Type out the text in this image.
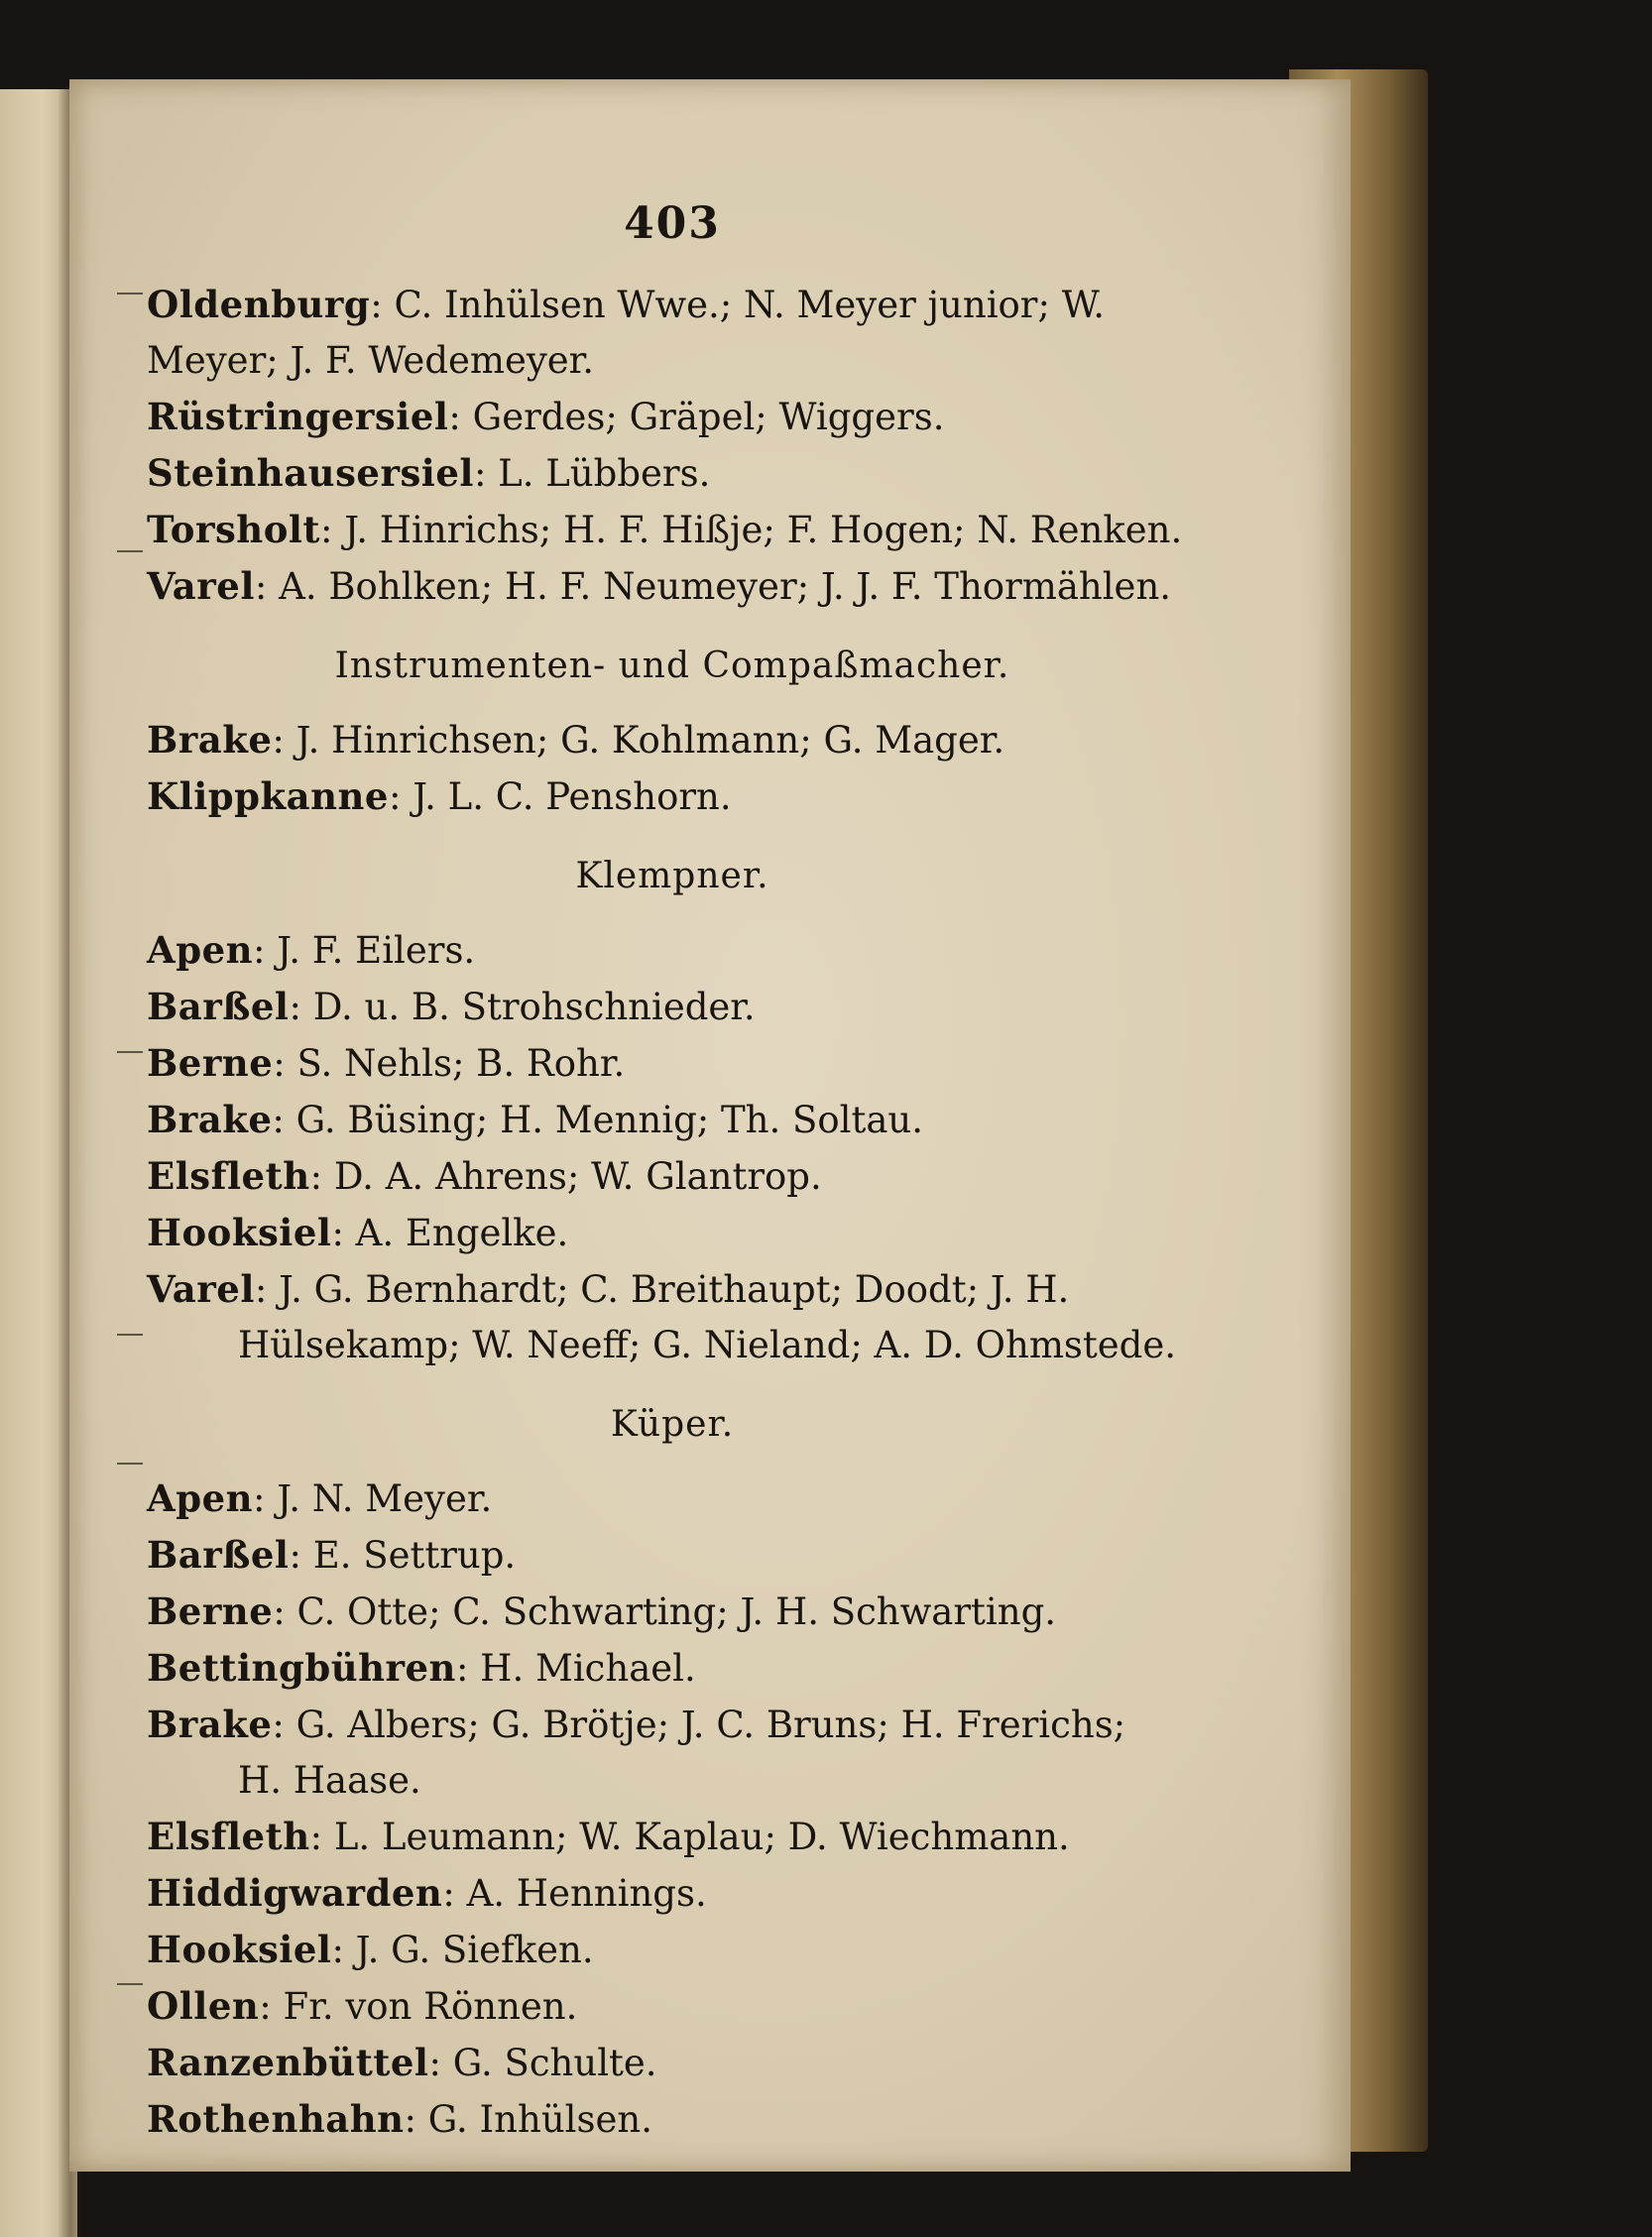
403

Oldenburg: C. Inhülsen Wwe.; N. Meyer junior; W.
Meyer; J. F. Wedemeyer.

Rüstringersiel: Gerdes; Gräpel; Wiggers.

Steinhausersiel: L. Lübbers.

Torsholt: J. Hinrichs; H. F. Hißje; F. Hogen; N. Renken.

Varel: A. Bohlken; H. F. Neumeyer; J. J. F. Thormählen.

Instrumenten- und Compaßmacher.

Brake: J. Hinrichsen; G. Kohlmann; G. Mager.

Klippkanne: J. L. C. Penshorn.

Klempner.

Apen: J. F. Eilers.

Barßel: D. u. B. Strohschnieder.

Berne: S. Nehls; B. Rohr.

Brake: G. Büsing; H. Mennig; Th. Soltau.

Elsfleth: D. A. Ahrens; W. Glantrop.

Hooksiel: A. Engelke.

Varel: J. G. Bernhardt; C. Breithaupt; Doodt; J. H.
Hülsekamp; W. Neeff; G. Nieland; A. D. Ohmstede.

Küper.

Apen: J. N. Meyer.

Barßel: E. Settrup.

Berne: C. Otte; C. Schwarting; J. H. Schwarting.

Bettingbühren: H. Michael.

Brake: G. Albers; G. Brötje; J. C. Bruns; H. Frerichs;
H. Haase.

Elsfleth: L. Leumann; W. Kaplau; D. Wiechmann.

Hiddigwarden: A. Hennings.

Hooksiel: J. G. Siefken.

Ollen: Fr. von Rönnen.

Ranzenbüttel: G. Schulte.

Rothenhahn: G. Inhülsen.
